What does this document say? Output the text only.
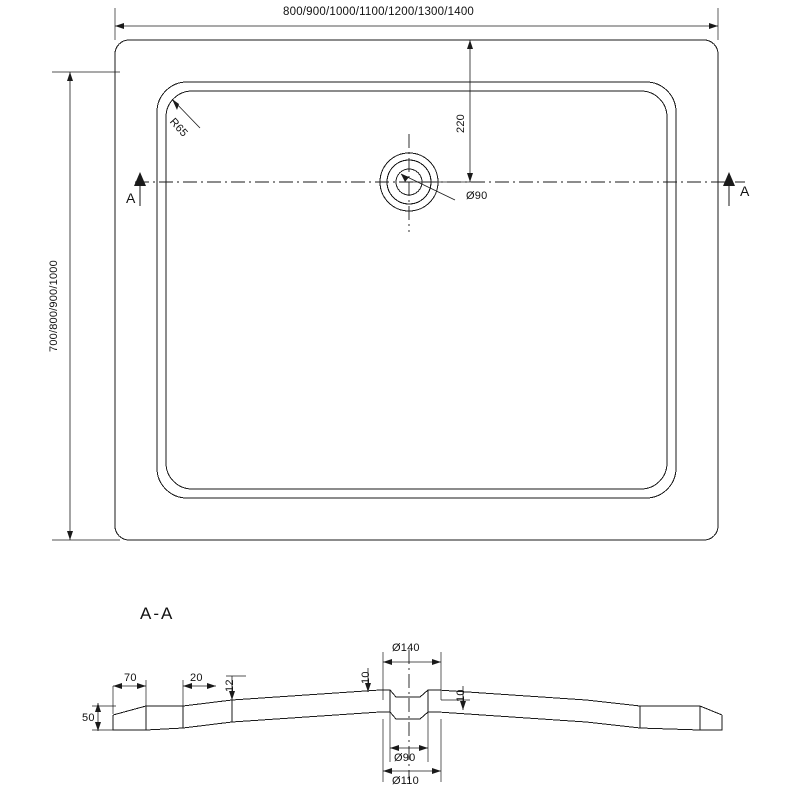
800/900/1000/1100/1200/1300/1400
700/800/900/1000
R65	220
Ø90
A	A
A-A
70	20
12
10
10
50
Ø140
Ø90
Ø110
